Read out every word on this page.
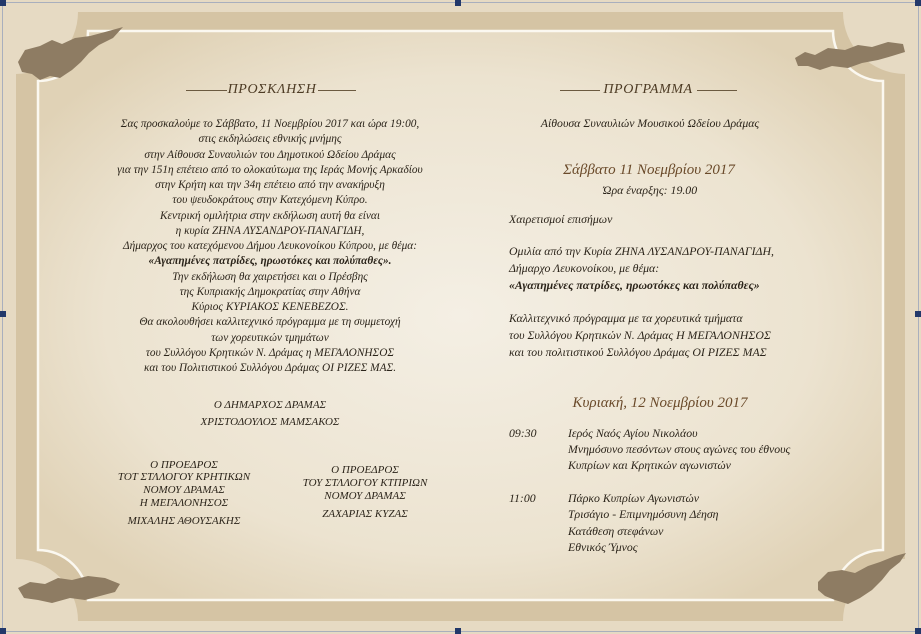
ΠΡΟΣΚΛΗΣΗ
Σας προσκαλούμε το Σάββατο, 11 Νοεμβρίου 2017 και ώρα 19:00,
στις εκδηλώσεις εθνικής μνήμης
στην Αίθουσα Συναυλιών του Δημοτικού Ωδείου Δράμας
για την 151η επέτειο από το ολοκαύτωμα της Ιεράς Μονής Αρκαδίου
στην Κρήτη και την 34η επέτειο από την ανακήρυξη
του ψευδοκράτους στην Κατεχόμενη Κύπρο.
Κεντρική ομιλήτρια στην εκδήλωση αυτή θα είναι
η κυρία ΖΗΝΑ ΛΥΣΑΝΔΡΟΥ-ΠΑΝΑΓΙΔΗ,
Δήμαρχος του κατεχόμενου Δήμου Λευκονοίκου Κύπρου, με θέμα:
«Αγαπημένες πατρίδες, ηρωοτόκες και πολύπαθες».
Την εκδήλωση θα χαιρετήσει και ο Πρέσβης
της Κυπριακής Δημοκρατίας στην Αθήνα
Κύριος ΚΥΡΙΑΚΟΣ ΚΕΝΕΒΕΖΟΣ.
Θα ακολουθήσει καλλιτεχνικό πρόγραμμα με τη συμμετοχή
των χορευτικών τμημάτων
του Συλλόγου Κρητικών Ν. Δράμας η ΜΕΓΑΛΟΝΗΣΟΣ
και του Πολιτιστικού Συλλόγου Δράμας ΟΙ ΡΙΖΕΣ ΜΑΣ.
Ο ΔΗΜΑΡΧΟΣ ΔΡΑΜΑΣ
ΧΡΙΣΤΟΔΟΥΛΟΣ ΜΑΜΣΑΚΟΣ
Ο ΠΡΟΕΔΡΟΣ
ΤΟΤ ΣΤΛΛΟΓΟΥ ΚΡΗΤΙΚΩΝ
ΝΟΜΟΥ ΔΡΑΜΑΣ
Η ΜΕΓΑΛΟΝΗΣΟΣ
ΜΙΧΑΛΗΣ ΑΘΟΥΣΑΚΗΣ
Ο ΠΡΟΕΔΡΟΣ
ΤΟΥ ΣΤΛΛΟΓΟΥ ΚΤΠΡΙΩΝ
ΝΟΜΟΥ ΔΡΑΜΑΣ
ΖΑΧΑΡΙΑΣ ΚΥΖΑΣ
ΠΡΟΓΡΑΜΜΑ
Αίθουσα Συναυλιών Μουσικού Ωδείου Δράμας
Σάββατο 11 Νοεμβρίου 2017
Ώρα έναρξης: 19.00
Χαιρετισμοί επισήμων
Ομιλία από την Κυρία ΖΗΝΑ ΛΥΣΑΝΔΡΟΥ-ΠΑΝΑΓΙΔΗ,
Δήμαρχο Λευκονοίκου, με θέμα:
«Αγαπημένες πατρίδες, ηρωοτόκες και πολύπαθες»
Καλλιτεχνικό πρόγραμμα με τα χορευτικά τμήματα
του Συλλόγου Κρητικών Ν. Δράμας Η ΜΕΓΑΛΟΝΗΣΟΣ
και του πολιτιστικού Συλλόγου Δράμας ΟΙ ΡΙΖΕΣ ΜΑΣ
Κυριακή, 12 Νοεμβρίου 2017
09:30	Ιερός Ναός Αγίου Νικολάου
Μνημόσυνο πεσόντων στους αγώνες του έθνους
Κυπρίων και Κρητικών αγωνιστών
11:00	Πάρκο Κυπρίων Αγωνιστών
Τρισάγιο - Επιμνημόσυνη Δέηση
Κατάθεση στεφάνων
Εθνικός Ύμνος
